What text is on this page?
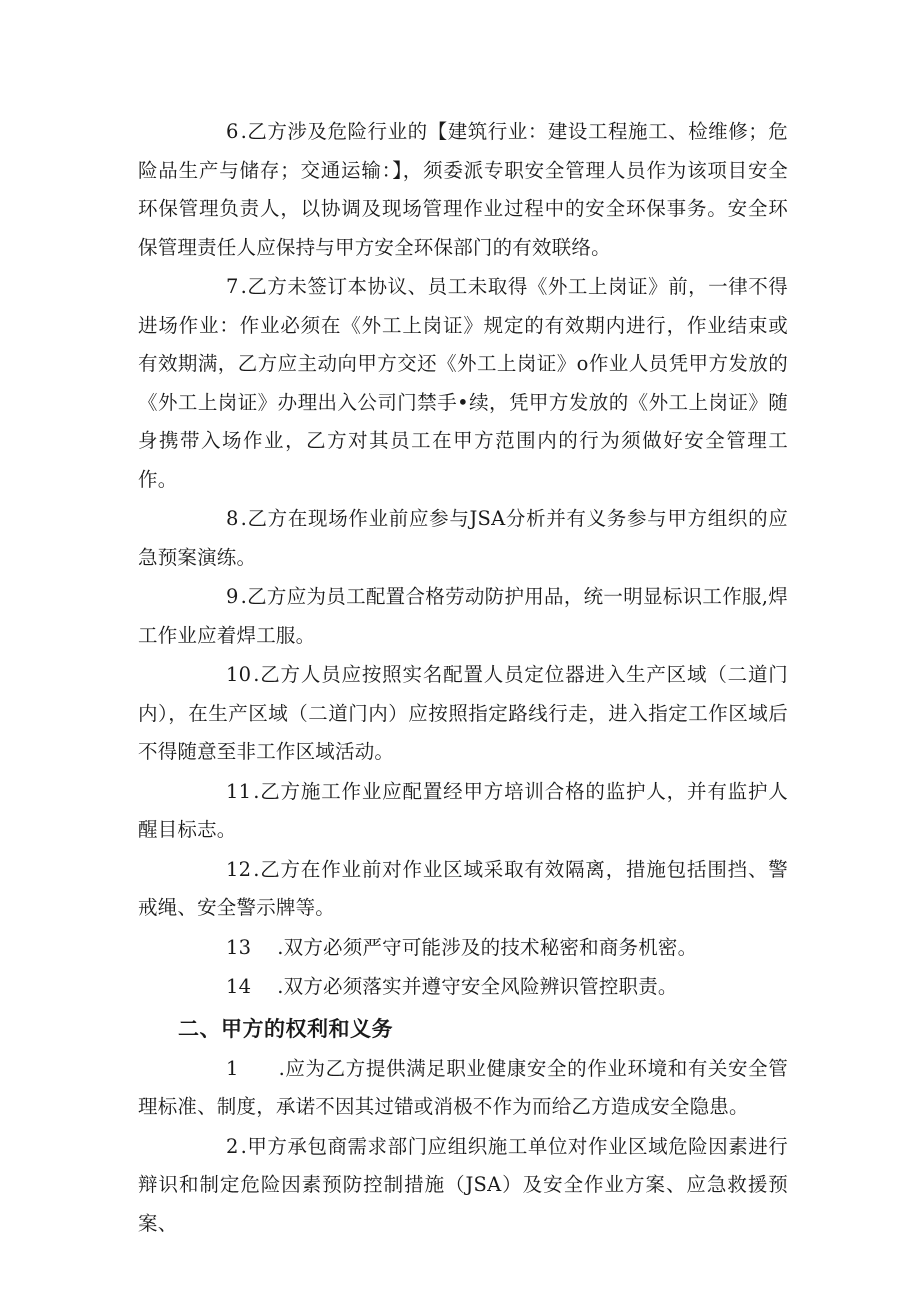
6 .乙方涉及危险行业的【建筑行业：建设工程施工、检维修；危险品生产与储存；交通运输：】，须委派专职安全管理人员作为该项目安全环保管理负责人，以协调及现场管理作业过程中的安全环保事务。安全环保管理责任人应保持与甲方安全环保部门的有效联络。

7 .乙方未签订本协议、员工未取得《外工上岗证》前，一律不得进场作业：作业必须在《外工上岗证》规定的有效期内进行，作业结束或有效期满，乙方应主动向甲方交还《外工上岗证》o作业人员凭甲方发放的《外工上岗证》办理出入公司门禁手•续，凭甲方发放的《外工上岗证》随身携带入场作业，乙方对其员工在甲方范围内的行为须做好安全管理工作。

8 .乙方在现场作业前应参与JSA分析并有义务参与甲方组织的应急预案演练。

9 .乙方应为员工配置合格劳动防护用品，统一明显标识工作服,焊工作业应着焊工服。

10 .乙方人员应按照实名配置人员定位器进入生产区域（二道门内），在生产区域（二道门内）应按照指定路线行走，进入指定工作区域后不得随意至非工作区域活动。

11 .乙方施工作业应配置经甲方培训合格的监护人，并有监护人醒目标志。

12 .乙方在作业前对作业区域采取有效隔离，措施包括围挡、警戒绳、安全警示牌等。

13 .双方必须严守可能涉及的技术秘密和商务机密。

14 .双方必须落实并遵守安全风险辨识管控职责。

二、甲方的权利和义务

1 .应为乙方提供满足职业健康安全的作业环境和有关安全管理标准、制度，承诺不因其过错或消极不作为而给乙方造成安全隐患。

2 .甲方承包商需求部门应组织施工单位对作业区域危险因素进行辩识和制定危险因素预防控制措施（JSA）及安全作业方案、应急救援预案、
